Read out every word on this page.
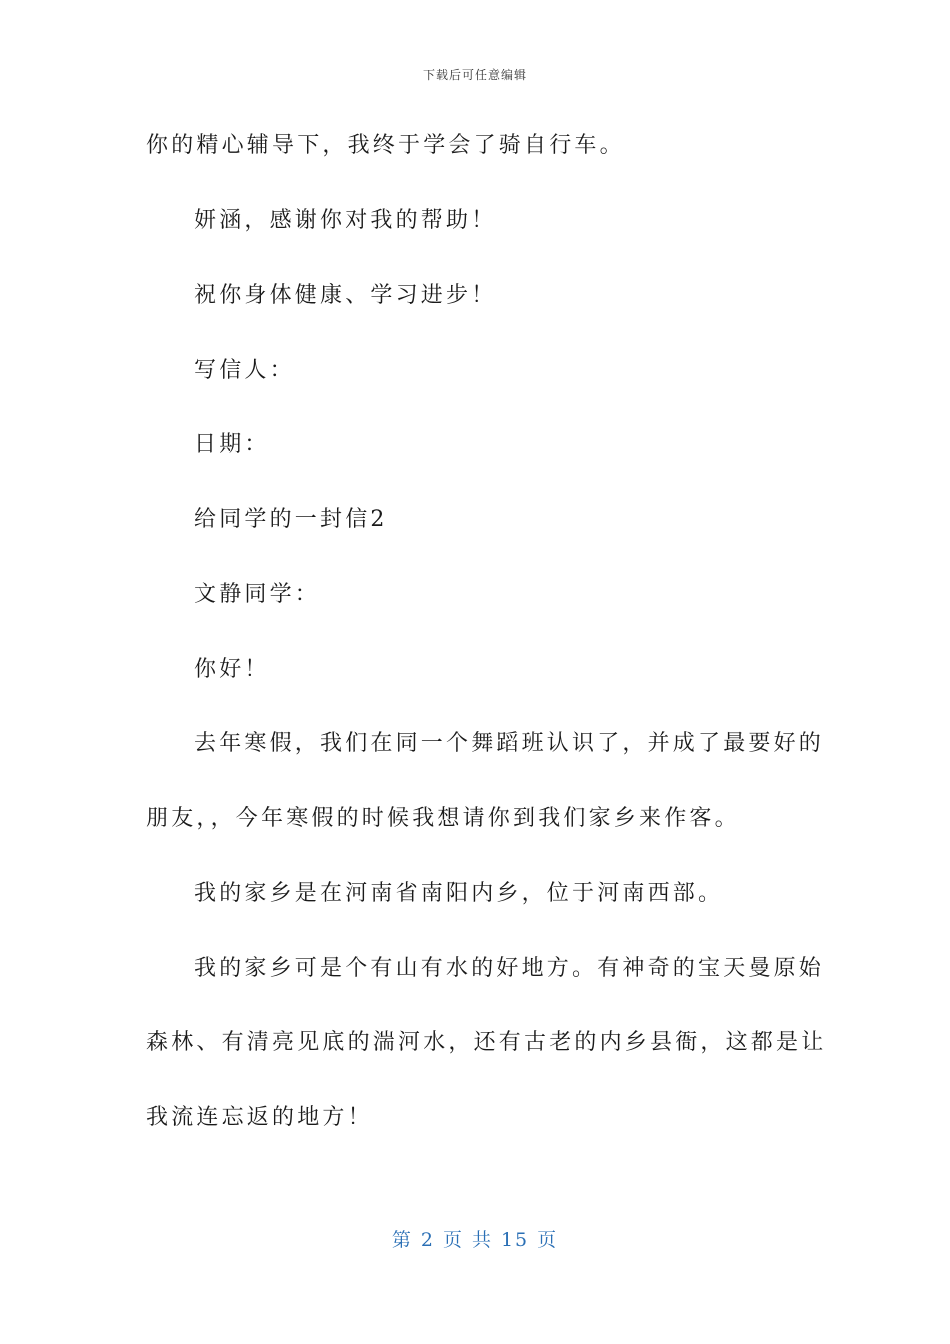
下载后可任意编辑
你的精心辅导下，我终于学会了骑自行车。
妍涵，感谢你对我的帮助！
祝你身体健康、学习进步！
写信人：
日期：
给同学的一封信2
文静同学：
你好！
去年寒假，我们在同一个舞蹈班认识了，并成了最要好的
朋友，，今年寒假的时候我想请你到我们家乡来作客。
我的家乡是在河南省南阳内乡，位于河南西部。
我的家乡可是个有山有水的好地方。有神奇的宝天曼原始
森林、有清亮见底的湍河水，还有古老的内乡县衙，这都是让
我流连忘返的地方！
第 2 页 共 15 页
